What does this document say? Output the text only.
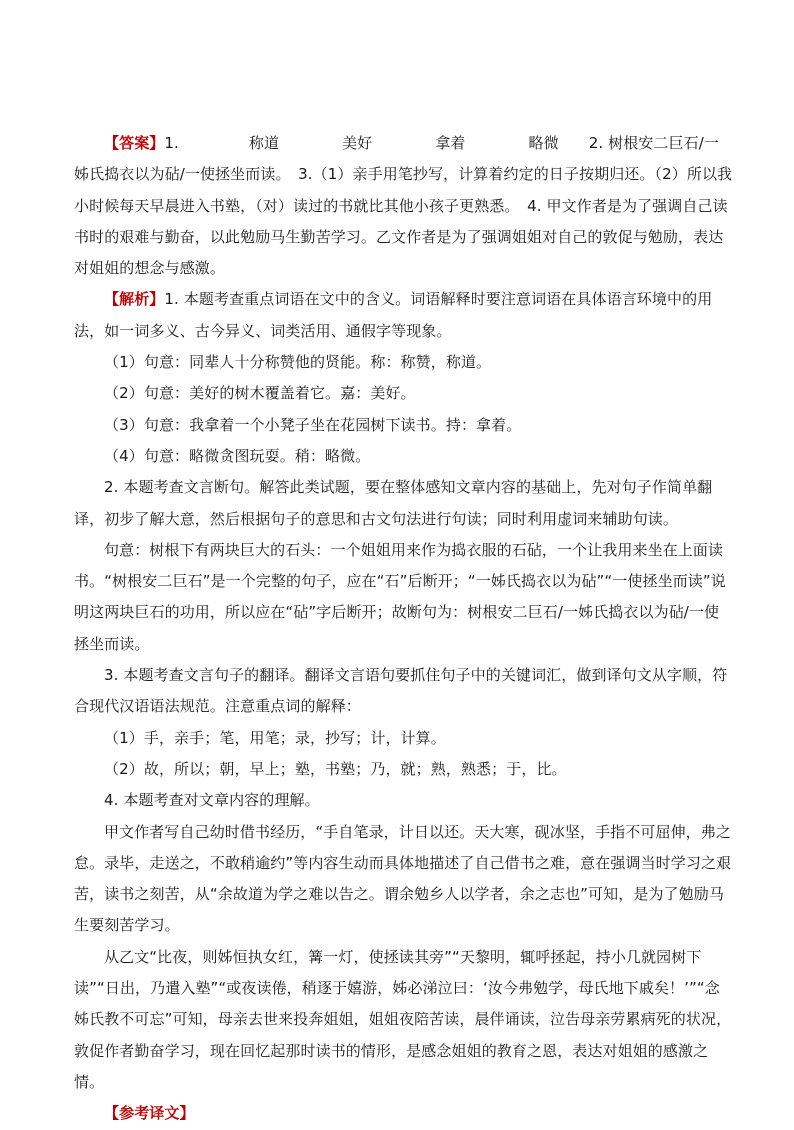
【答案】1.	称道	美好	拿着	略微 2. 树根安二巨石/一姊氏捣衣以为砧/一使拯坐而读。　3.（1）亲手用笔抄写，计算着约定的日子按期归还。（2）所以我小时候每天早晨进入书塾，（对）读过的书就比其他小孩子更熟悉。　4. 甲文作者是为了强调自己读书时的艰难与勤奋，以此勉励马生勤苦学习。乙文作者是为了强调姐姐对自己的敦促与勉励，表达对姐姐的想念与感激。

【解析】1. 本题考查重点词语在文中的含义。词语解释时要注意词语在具体语言环境中的用法，如一词多义、古今异义、词类活用、通假字等现象。

（1）句意：同辈人十分称赞他的贤能。称：称赞，称道。

（2）句意：美好的树木覆盖着它。嘉：美好。

（3）句意：我拿着一个小凳子坐在花园树下读书。持：拿着。

（4）句意：略微贪图玩耍。稍：略微。

2. 本题考查文言断句。解答此类试题，要在整体感知文章内容的基础上，先对句子作简单翻译，初步了解大意，然后根据句子的意思和古文句法进行句读；同时利用虚词来辅助句读。

句意：树根下有两块巨大的石头：一个姐姐用来作为捣衣服的石砧，一个让我用来坐在上面读书。“树根安二巨石”是一个完整的句子，应在“石”后断开；“一姊氏捣衣以为砧”“一使拯坐而读”说明这两块巨石的功用，所以应在“砧”字后断开；故断句为：树根安二巨石/一姊氏捣衣以为砧/一使拯坐而读。

3. 本题考查文言句子的翻译。翻译文言语句要抓住句子中的关键词汇，做到译句文从字顺，符合现代汉语语法规范。注意重点词的解释：

（1）手，亲手；笔，用笔；录，抄写；计，计算。

（2）故，所以；朝，早上；塾，书塾；乃，就；熟，熟悉；于，比。

4. 本题考查对文章内容的理解。

甲文作者写自己幼时借书经历，“手自笔录，计日以还。天大寒，砚冰坚，手指不可屈伸，弗之怠。录毕，走送之，不敢稍逾约”等内容生动而具体地描述了自己借书之难，意在强调当时学习之艰苦，读书之刻苦，从“余故道为学之难以告之。谓余勉乡人以学者，余之志也”可知，是为了勉励马生要刻苦学习。

从乙文“比夜，则姊恒执女红，篝一灯，使拯读其旁”“天黎明，辄呼拯起，持小几就园树下读”“日出，乃遣入塾”“或夜读倦，稍逐于嬉游，姊必涕泣曰：‘汝今弗勉学，母氏地下戚矣！’”“念姊氏教不可忘”可知，母亲去世来投奔姐姐，姐姐夜陪苦读，晨伴诵读，泣告母亲劳累病死的状况，敦促作者勤奋学习，现在回忆起那时读书的情形，是感念姐姐的教育之恩，表达对姐姐的感激之情。

【参考译文】
